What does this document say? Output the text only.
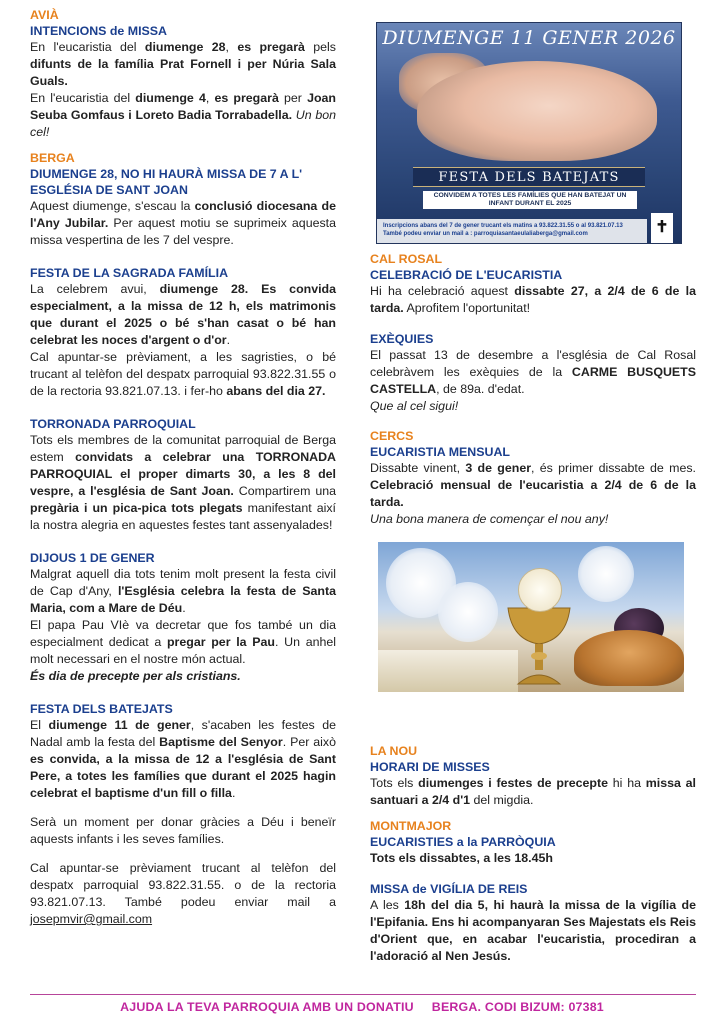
AVIÀ
INTENCIONS de MISSA

En l'eucaristia del diumenge 28, es pregarà pels difunts de la família Prat Fornell i per Núria Sala Guals.

En l'eucaristia del diumenge 4, es pregarà per Joan Seuba Gomfaus i Loreto Badia Torrabadella. Un bon cel!

BERGA
DIUMENGE 28, NO HI HAURÀ MISSA DE 7 A L' ESGLÉSIA DE SANT JOAN

Aquest diumenge, s'escau la conclusió diocesana de l'Any Jubilar. Per aquest motiu se suprimeix aquesta missa vespertina de les 7 del vespre.

FESTA DE LA SAGRADA FAMÍLIA

La celebrem avui, diumenge 28. Es convida especialment, a la missa de 12 h, els matrimonis que durant el 2025 o bé s'han casat o bé han celebrat les noces d'argent o d'or.

Cal apuntar-se prèviament, a les sagristies, o bé trucant al telèfon del despatx parroquial 93.822.31.55 o de la rectoria 93.821.07.13. i fer-ho abans del dia 27.

TORRONADA PARROQUIAL

Tots els membres de la comunitat parroquial de Berga estem convidats a celebrar una TORRONADA PARROQUIAL el proper dimarts 30, a les 8 del vespre, a l'església de Sant Joan. Compartirem una pregària i un pica-pica tots plegats manifestant així la nostra alegria en aquestes festes tant assenyalades!

DIJOUS 1 DE GENER

Malgrat aquell dia tots tenim molt present la festa civil de Cap d'Any, l'Església celebra la festa de Santa Maria, com a Mare de Déu.

El papa Pau VIè va decretar que fos també un dia especialment dedicat a pregar per la Pau. Un anhel molt necessari en el nostre món actual.

És dia de precepte per als cristians.

FESTA DELS BATEJATS

El diumenge 11 de gener, s'acaben les festes de Nadal amb la festa del Baptisme del Senyor. Per això es convida, a la missa de 12 a l'església de Sant Pere, a totes les famílies que durant el 2025 hagin celebrat el baptisme d'un fill o filla.

Serà un moment per donar gràcies a Déu i beneïr aquests infants i les seves famílies.

Cal apuntar-se prèviament trucant al telèfon del despatx parroquial 93.822.31.55. o de la rectoria 93.821.07.13. També podeu enviar mail a josepmvir@gmail.com

DIUMENGE 11 GENER 2026
FESTA DELS BATEJATS
CONVIDEM A TOTES LES FAMÍLIES QUE HAN BATEJAT UN INFANT DURANT EL 2025
Inscripcions abans del 7 de gener trucant els matins a 93.822.31.55 o al 93.821.07.13
També podeu enviar un mail a : parroquiasantaeulaliaberga@gmail.com	✝
CAL ROSAL
CELEBRACIÓ DE L'EUCARISTIA

Hi ha celebració aquest dissabte 27, a 2/4 de 6 de la tarda. Aprofitem l'oportunitat!

EXÈQUIES

El passat 13 de desembre a l'església de Cal Rosal celebràvem les exèquies de la CARME BUSQUETS CASTELLA, de 89a. d'edat.

Que al cel sigui!

CERCS
EUCARISTIA MENSUAL

Dissabte vinent, 3 de gener, és primer dissabte de mes. Celebració mensual de l'eucaristia a 2/4 de 6 de la tarda.

Una bona manera de començar el nou any!

LA NOU
HORARI DE MISSES

Tots els diumenges i festes de precepte hi ha missa al santuari a 2/4 d'1 del migdia.

MONTMAJOR
EUCARISTIES a la PARRÒQUIA

Tots els dissabtes, a les 18.45h

MISSA de VIGÍLIA DE REIS

A les 18h del dia 5, hi haurà la missa de la vigília de l'Epifania. Ens hi acompanyaran Ses Majestats els Reis d'Orient que, en acabar l'eucaristia, procediran a l'adoració al Nen Jesús.

AJUDA LA TEVA PARROQUIA AMB UN DONATIU BERGA. CODI BIZUM: 07381
